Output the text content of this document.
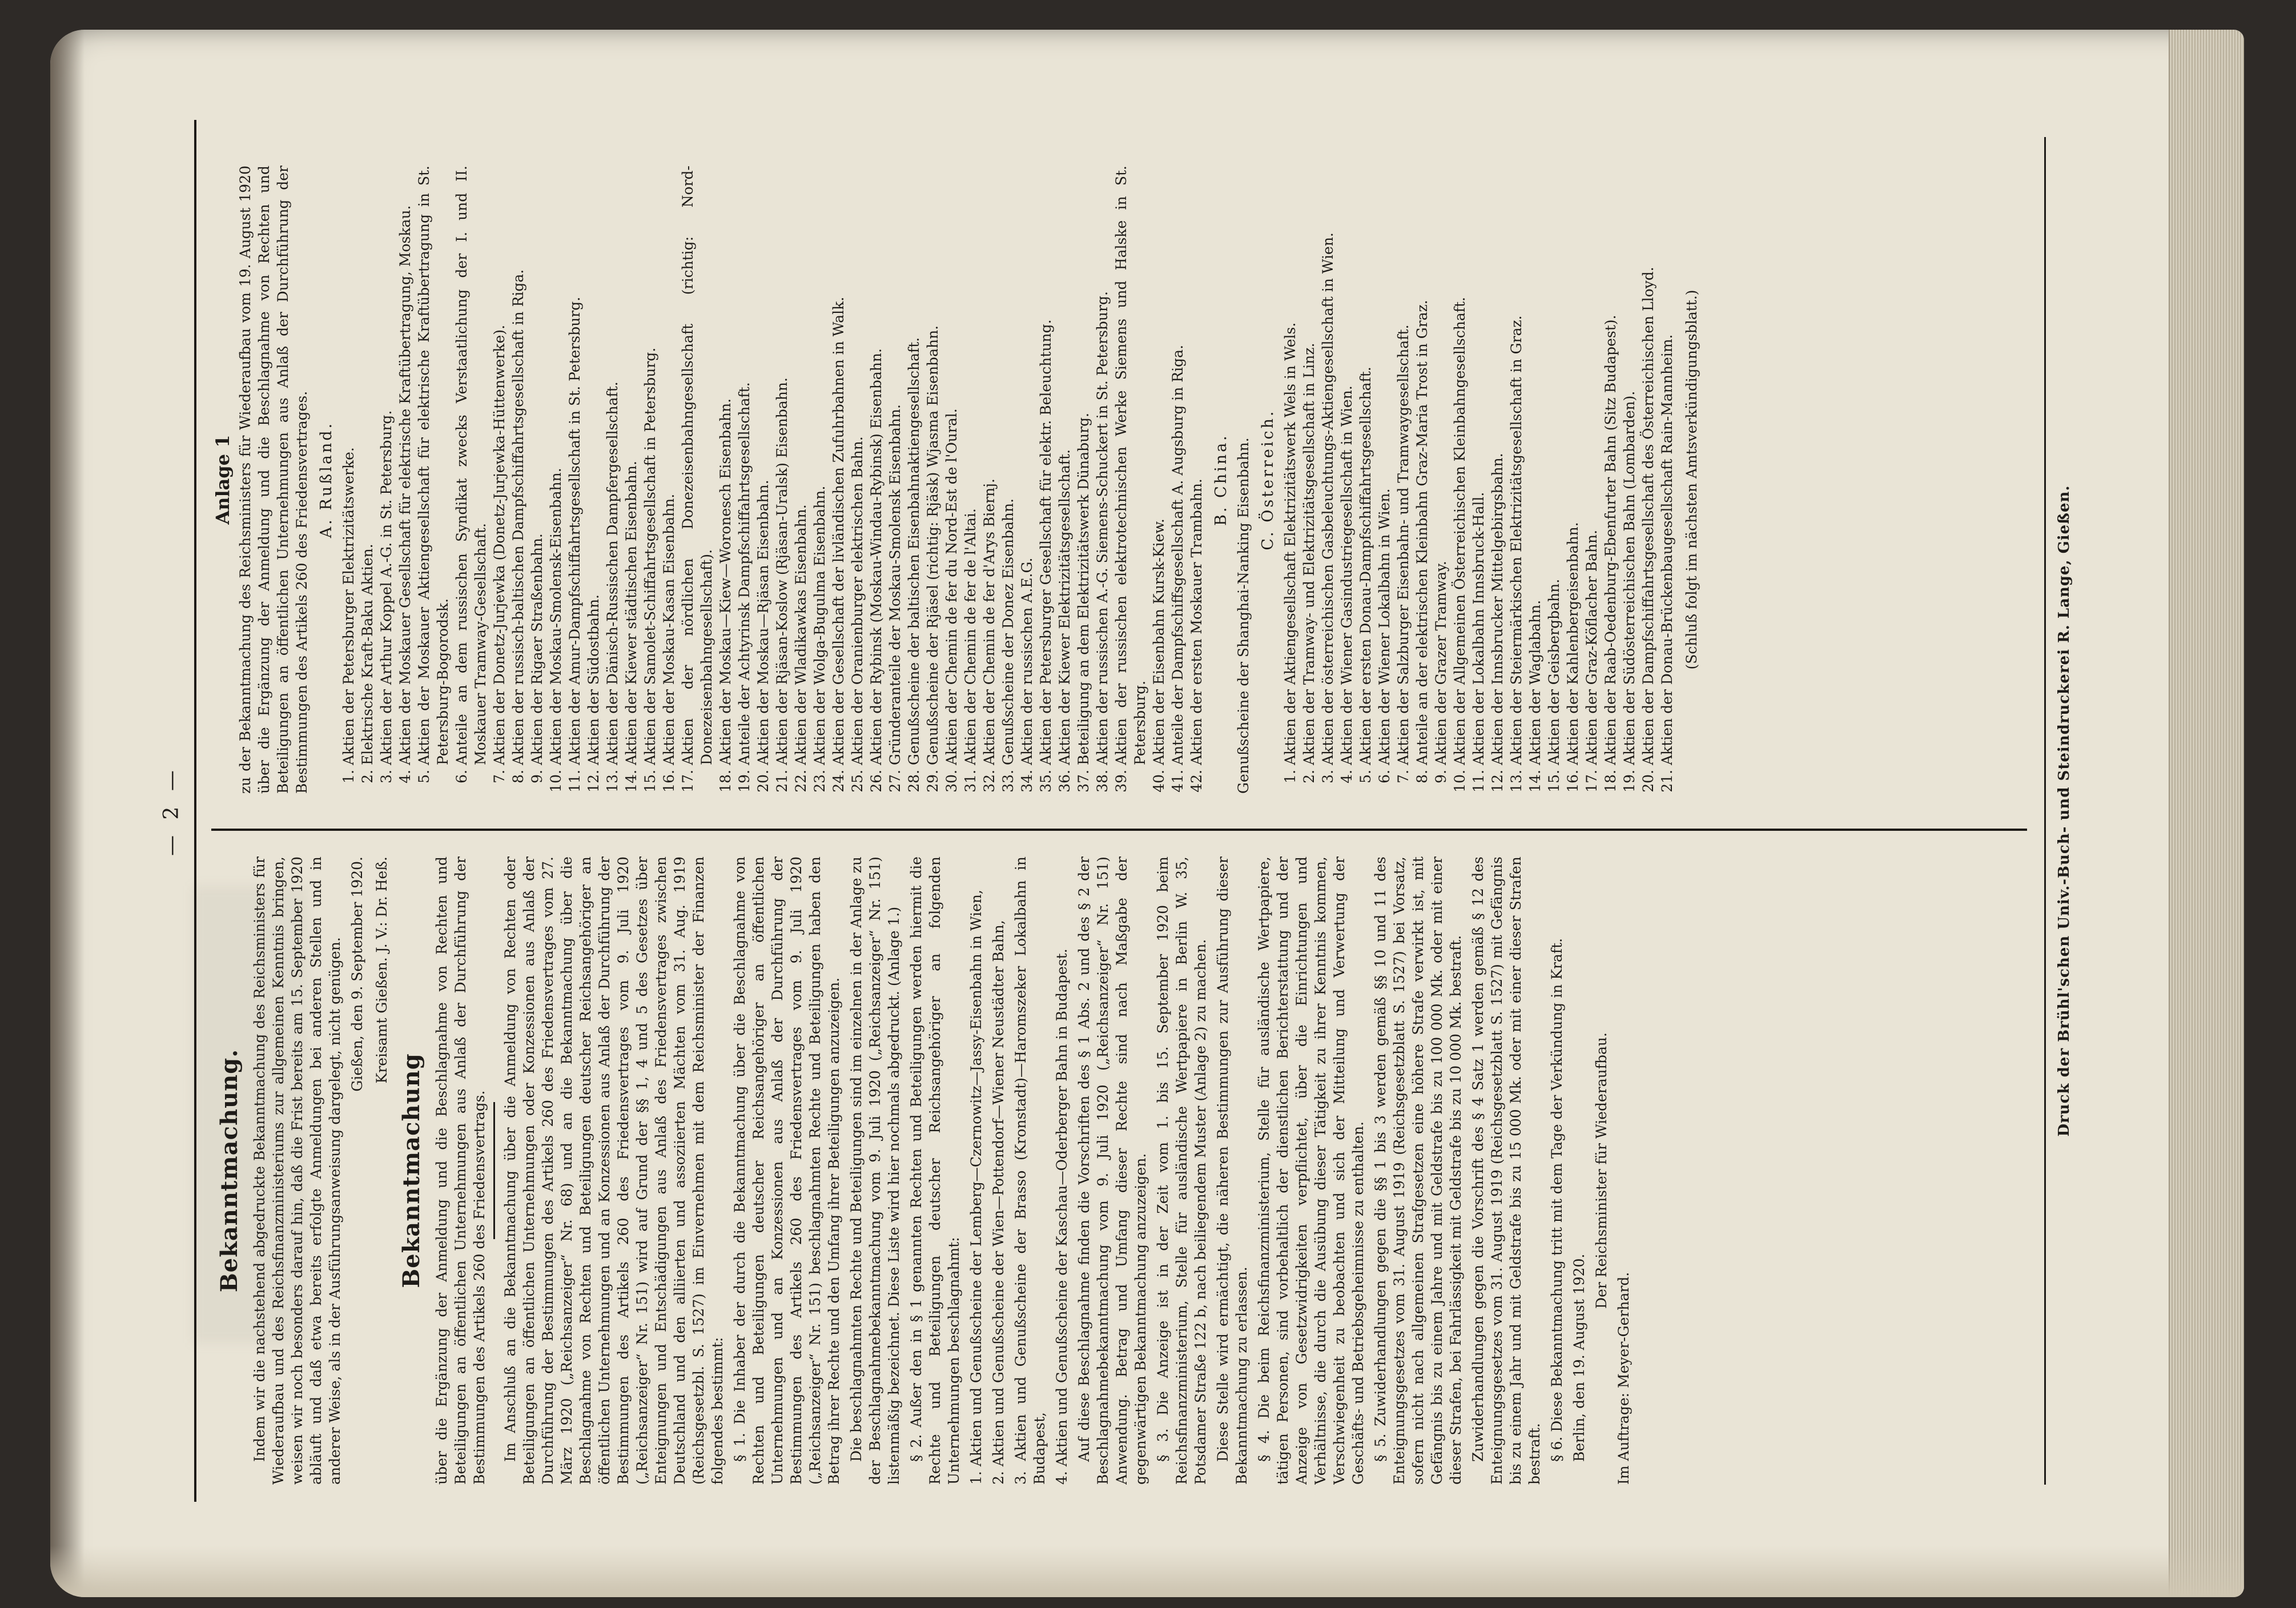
— 2 —
Bekanntmachung. Indem wir die nachstehend abgedruckte Bekanntmachung des Reichsministers für Wiederaufbau und des Reichsfinanzministeriums zur allgemeinen Kenntnis bringen, weisen wir noch besonders darauf hin, daß die Frist bereits am 15. September 1920 abläuft und daß etwa bereits erfolgte Anmeldungen bei anderen Stellen und in anderer Weise, als in der Ausführungsanweisung dargelegt, nicht genügen. Gießen, den 9. September 1920. Kreisamt Gießen. J. V.: Dr. Heß.
Bekanntmachung über die Ergänzung der Anmeldung und die Beschlagnahme von Rechten und Beteiligungen an öffentlichen Unternehmungen aus Anlaß der Durchführung der Bestimmungen des Artikels 260 des Friedensvertrags. Im Anschluß an die Bekanntmachung über die Anmeldung von Rechten oder Beteiligungen an öffentlichen Unternehmungen oder Konzessionen aus Anlaß der Durchführung der Bestimmungen des Artikels 260 des Friedensvertrages vom 27. März 1920 („Reichsanzeiger“ Nr. 68) und an die Bekanntmachung über die Beschlagnahme von Rechten und Beteiligungen deutscher Reichsangehöriger an öffentlichen Unternehmungen und an Konzessionen aus Anlaß der Durchführung der Bestimmungen des Artikels 260 des Friedensvertrages vom 9. Juli 1920 („Reichsanzeiger“ Nr. 151) wird auf Grund der §§ 1, 4 und 5 des Gesetzes über Enteignungen und Entschädigungen aus Anlaß des Friedensvertrages zwischen Deutschland und den alliierten und assoziierten Mächten vom 31. Aug. 1919 (Reichsgesetzbl. S. 1527) im Einvernehmen mit dem Reichsminister der Finanzen folgendes bestimmt: § 1. Die Inhaber der durch die Bekanntmachung über die Beschlagnahme von Rechten und Beteiligungen deutscher Reichsangehöriger an öffentlichen Unternehmungen und an Konzessionen aus Anlaß der Durchführung der Bestimmungen des Artikels 260 des Friedensvertrages vom 9. Juli 1920 („Reichsanzeiger“ Nr. 151) beschlagnahmten Rechte und Beteiligungen haben den Betrag ihrer Rechte und den Umfang ihrer Beteiligungen anzuzeigen. Die beschlagnahmten Rechte und Beteiligungen sind im einzelnen in der Anlage zu der Beschlagnahmebekanntmachung vom 9. Juli 1920 („Reichsanzeiger“ Nr. 151) listenmäßig bezeichnet. Diese Liste wird hier nochmals abgedruckt. (Anlage 1.) § 2. Außer den in § 1 genannten Rechten und Beteiligungen werden hiermit die Rechte und Beteiligungen deutscher Reichsangehöriger an folgenden Unternehmungen beschlagnahmt: 1. Aktien und Genußscheine der Lemberg—Czernowitz—Jassy-Eisenbahn in Wien, 2. Aktien und Genußscheine der Wien—Pottendorf—Wiener Neustädter Bahn, 3. Aktien und Genußscheine der Brasso (Kronstadt)—Haromszeker Lokalbahn in Budapest, 4. Aktien und Genußscheine der Kaschau—Oderberger Bahn in Budapest. Auf diese Beschlagnahme finden die Vorschriften des § 1 Abs. 2 und des § 2 der Beschlagnahmebekanntmachung vom 9. Juli 1920 („Reichsanzeiger“ Nr. 151) Anwendung. Betrag und Umfang dieser Rechte sind nach Maßgabe der gegenwärtigen Bekanntmachung anzuzeigen. § 3. Die Anzeige ist in der Zeit vom 1. bis 15. September 1920 beim Reichsfinanzministerium, Stelle für ausländische Wertpapiere in Berlin W. 35, Potsdamer Straße 122 b, nach beiliegendem Muster (Anlage 2) zu machen. Diese Stelle wird ermächtigt, die näheren Bestimmungen zur Ausführung dieser Bekanntmachung zu erlassen. § 4. Die beim Reichsfinanzministerium, Stelle für ausländische Wertpapiere, tätigen Personen, sind vorbehaltlich der dienstlichen Berichterstattung und der Anzeige von Gesetzwidrigkeiten verpflichtet, über die Einrichtungen und Verhältnisse, die durch die Ausübung dieser Tätigkeit zu ihrer Kenntnis kommen, Verschwiegenheit zu beobachten und sich der Mitteilung und Verwertung der Geschäfts- und Betriebsgeheimnisse zu enthalten. § 5. Zuwiderhandlungen gegen die §§ 1 bis 3 werden gemäß §§ 10 und 11 des Enteignungsgesetzes vom 31. August 1919 (Reichsgesetzblatt S. 1527) bei Vorsatz, sofern nicht nach allgemeinen Strafgesetzen eine höhere Strafe verwirkt ist, mit Gefängnis bis zu einem Jahre und mit Geldstrafe bis zu 100 000 Mk. oder mit einer dieser Strafen, bei Fahrlässigkeit mit Geldstrafe bis zu 10 000 Mk. bestraft. Zuwiderhandlungen gegen die Vorschrift des § 4 Satz 1 werden gemäß § 12 des Enteignungsgesetzes vom 31. August 1919 (Reichsgesetzblatt S. 1527) mit Gefängnis bis zu einem Jahr und mit Geldstrafe bis zu 15 000 Mk. oder mit einer dieser Strafen bestraft. § 6. Diese Bekanntmachung tritt mit dem Tage der Verkündung in Kraft. Berlin, den 19. August 1920.

Der Reichsminister für Wiederaufbau.

Im Auftrage: Meyer-Gerhard.

Anlage 1 zu der Bekanntmachung des Reichsministers für Wiederaufbau vom 19. August 1920 über die Ergänzung der Anmeldung und die Beschlagnahme von Rechten und Beteiligungen an öffentlichen Unternehmungen aus Anlaß der Durchführung der Bestimmungen des Artikels 260 des Friedensvertrages. A. Rußland. 1. Aktien der Petersburger Elektrizitätswerke. 2. Elektrische Kraft-Baku Aktien. 3. Aktien der Arthur Koppel A.-G. in St. Petersburg. 4. Aktien der Moskauer Gesellschaft für elektrische Kraftübertragung, Moskau. 5. Aktien der Moskauer Aktiengesellschaft für elektrische Kraftübertragung in St. Petersburg-Bogorodsk. 6. Anteile an dem russischen Syndikat zwecks Verstaatlichung der I. und II. Moskauer Tramway-Gesellschaft. 7. Aktien der Donetz-Jurjewka (Donetz-Jurjewka-Hüttenwerke). 8. Aktien der russisch-baltischen Dampfschiffahrtsgesellschaft in Riga. 9. Aktien der Rigaer Straßenbahn. 10. Aktien der Moskau-Smolensk-Eisenbahn. 11. Aktien der Amur-Dampfschiffahrtsgesellschaft in St. Petersburg. 12. Aktien der Südostbahn. 13. Aktien der Dänisch-Russischen Dampfergesellschaft. 14. Aktien der Kiewer städtischen Eisenbahn. 15. Aktien der Samolet-Schiffahrtsgesellschaft in Petersburg. 16. Aktien der Moskau-Kasan Eisenbahn. 17. Aktien der nördlichen Donezeisenbahngesellschaft (richtig: Nord-Donezeisenbahngesellschaft). 18. Aktien der Moskau—Kiew—Woronesch Eisenbahn. 19. Anteile der Achtyrinsk Dampfschiffahrtsgesellschaft. 20. Aktien der Moskau—Rjäsan Eisenbahn. 21. Aktien der Rjäsan-Koslow (Rjäsan-Uralsk) Eisenbahn. 22. Aktien der Wladikawkas Eisenbahn. 23. Aktien der Wolga-Bugulma Eisenbahn. 24. Aktien der Gesellschaft der livländischen Zufuhrbahnen in Walk. 25. Aktien der Oranienburger elektrischen Bahn. 26. Aktien der Rybinsk (Moskau-Windau-Rybinsk) Eisenbahn. 27. Gründeranteile der Moskau-Smolensk Eisenbahn. 28. Genußscheine der baltischen Eisenbahnaktiengesellschaft. 29. Genußscheine der Rjäsel (richtig: Rjäsk) Wjasma Eisenbahn. 30. Aktien der Chemin de fer du Nord-Est de l'Oural. 31. Aktien der Chemin de fer de l'Altai. 32. Aktien der Chemin de fer d'Arys Biernj. 33. Genußscheine der Donez Eisenbahn. 34. Aktien der russischen A.E.G. 35. Aktien der Petersburger Gesellschaft für elektr. Beleuchtung. 36. Aktien der Kiewer Elektrizitätsgesellschaft. 37. Beteiligung an dem Elektrizitätswerk Dünaburg. 38. Aktien der russischen A.-G. Siemens-Schuckert in St. Petersburg. 39. Aktien der russischen elektrotechnischen Werke Siemens und Halske in St. Petersburg. 40. Aktien der Eisenbahn Kursk-Kiew. 41. Anteile der Dampfschiffsgesellschaft A. Augsburg in Riga. 42. Aktien der ersten Moskauer Trambahn. B. China. Genußscheine der Shanghai-Nanking Eisenbahn. C. Österreich. 1. Aktien der Aktiengesellschaft Elektrizitätswerk Wels in Wels. 2. Aktien der Tramway- und Elektrizitätsgesellschaft in Linz. 3. Aktien der österreichischen Gasbeleuchtungs-Aktiengesellschaft in Wien. 4. Aktien der Wiener Gasindustriegesellschaft in Wien. 5. Aktien der ersten Donau-Dampfschiffahrtsgesellschaft. 6. Aktien der Wiener Lokalbahn in Wien. 7. Aktien der Salzburger Eisenbahn- und Tramwaygesellschaft. 8. Anteile an der elektrischen Kleinbahn Graz-Maria Trost in Graz. 9. Aktien der Grazer Tramway. 10. Aktien der Allgemeinen Österreichischen Kleinbahngesellschaft. 11. Aktien der Lokalbahn Innsbruck-Hall. 12. Aktien der Innsbrucker Mittelgebirgsbahn. 13. Aktien der Steiermärkischen Elektrizitätsgesellschaft in Graz. 14. Aktien der Waglabahn. 15. Aktien der Geisbergbahn. 16. Aktien der Kahlenbergeisenbahn. 17. Aktien der Graz-Köflacher Bahn. 18. Aktien der Raab-Oedenburg-Ebenfurter Bahn (Sitz Budapest). 19. Aktien der Südösterreichischen Bahn (Lombarden). 20. Aktien der Dampfschiffahrtsgesellschaft des Österreichischen Lloyd. 21. Aktien der Donau-Brückenbaugesellschaft Rain-Mannheim. (Schluß folgt im nächsten Amtsverkündigungsblatt.)
Druck der Brühl'schen Univ.-Buch- und Steindruckerei R. Lange, Gießen.
